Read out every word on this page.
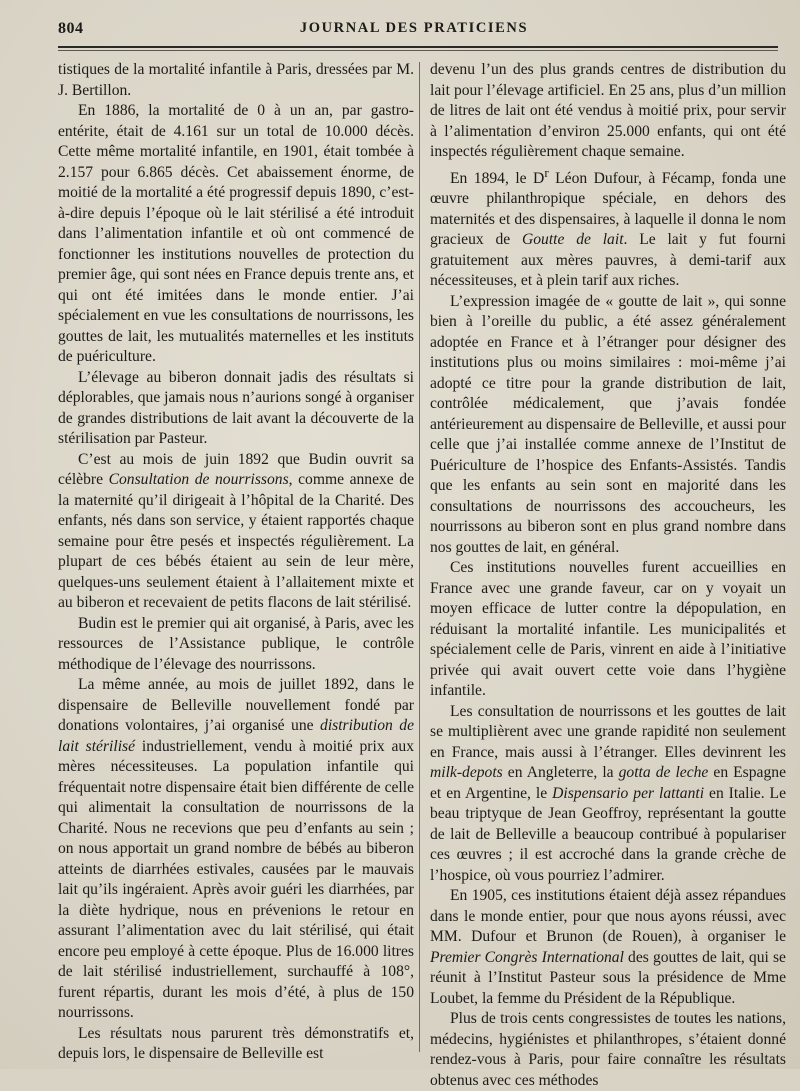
804	JOURNAL DES PRATICIENS

tistiques de la mortalité infantile à Paris, dressées par M. J. Bertillon.

En 1886, la mortalité de 0 à un an, par gastro-entérite, était de 4.161 sur un total de 10.000 décès. Cette même mortalité infantile, en 1901, était tombée à 2.157 pour 6.865 décès. Cet abaissement énorme, de moitié de la mortalité a été progressif depuis 1890, c’est-à-dire depuis l’époque où le lait stérilisé a été introduit dans l’alimentation infantile et où ont commencé de fonctionner les institutions nouvelles de protection du premier âge, qui sont nées en France depuis trente ans, et qui ont été imitées dans le monde entier. J’ai spécialement en vue les consultations de nourrissons, les gouttes de lait, les mutualités maternelles et les instituts de puériculture.

L’élevage au biberon donnait jadis des résultats si déplorables, que jamais nous n’aurions songé à organiser de grandes distributions de lait avant la découverte de la stérilisation par Pasteur.

C’est au mois de juin 1892 que Budin ouvrit sa célèbre Consultation de nourrissons, comme annexe de la maternité qu’il dirigeait à l’hôpital de la Charité. Des enfants, nés dans son service, y étaient rapportés chaque semaine pour être pesés et inspectés régulièrement. La plupart de ces bébés étaient au sein de leur mère, quelques-uns seulement étaient à l’allaitement mixte et au biberon et recevaient de petits flacons de lait stérilisé.

Budin est le premier qui ait organisé, à Paris, avec les ressources de l’Assistance publique, le contrôle méthodique de l’élevage des nourrissons.

La même année, au mois de juillet 1892, dans le dispensaire de Belleville nouvellement fondé par donations volontaires, j’ai organisé une distribution de lait stérilisé industriellement, vendu à moitié prix aux mères nécessiteuses. La population infantile qui fréquentait notre dispensaire était bien différente de celle qui alimentait la consultation de nourrissons de la Charité. Nous ne recevions que peu d’enfants au sein ; on nous apportait un grand nombre de bébés au biberon atteints de diarrhées estivales, causées par le mauvais lait qu’ils ingéraient. Après avoir guéri les diarrhées, par la diète hydrique, nous en prévenions le retour en assurant l’alimentation avec du lait stérilisé, qui était encore peu employé à cette époque. Plus de 16.000 litres de lait stérilisé industriellement, surchauffé à 108°, furent répartis, durant les mois d’été, à plus de 150 nourrissons.

Les résultats nous parurent très démonstratifs et, depuis lors, le dispensaire de Belleville est

devenu l’un des plus grands centres de distribution du lait pour l’élevage artificiel. En 25 ans, plus d’un million de litres de lait ont été vendus à moitié prix, pour servir à l’alimentation d’environ 25.000 enfants, qui ont été inspectés régulièrement chaque semaine.

En 1894, le $D^r$ Léon Dufour, à Fécamp, fonda une œuvre philanthropique spéciale, en dehors des maternités et des dispensaires, à laquelle il donna le nom gracieux de Goutte de lait. Le lait y fut fourni gratuitement aux mères pauvres, à demi-tarif aux nécessiteuses, et à plein tarif aux riches.

L’expression imagée de « goutte de lait », qui sonne bien à l’oreille du public, a été assez généralement adoptée en France et à l’étranger pour désigner des institutions plus ou moins similaires : moi-même j’ai adopté ce titre pour la grande distribution de lait, contrôlée médicalement, que j’avais fondée antérieurement au dispensaire de Belleville, et aussi pour celle que j’ai installée comme annexe de l’Institut de Puériculture de l’hospice des Enfants-Assistés. Tandis que les enfants au sein sont en majorité dans les consultations de nourrissons des accoucheurs, les nourrissons au biberon sont en plus grand nombre dans nos gouttes de lait, en général.

Ces institutions nouvelles furent accueillies en France avec une grande faveur, car on y voyait un moyen efficace de lutter contre la dépopulation, en réduisant la mortalité infantile. Les municipalités et spécialement celle de Paris, vinrent en aide à l’initiative privée qui avait ouvert cette voie dans l’hygiène infantile.

Les consultation de nourrissons et les gouttes de lait se multiplièrent avec une grande rapidité non seulement en France, mais aussi à l’étranger. Elles devinrent les milk-depots en Angleterre, la gotta de leche en Espagne et en Argentine, le Dispensario per lattanti en Italie. Le beau triptyque de Jean Geoffroy, représentant la goutte de lait de Belleville a beaucoup contribué à populariser ces œuvres ; il est accroché dans la grande crèche de l’hospice, où vous pourriez l’admirer.

En 1905, ces institutions étaient déjà assez répandues dans le monde entier, pour que nous ayons réussi, avec MM. Dufour et Brunon (de Rouen), à organiser le Premier Congrès International des gouttes de lait, qui se réunit à l’Institut Pasteur sous la présidence de Mme Loubet, la femme du Président de la République.

Plus de trois cents congressistes de toutes les nations, médecins, hygiénistes et philanthropes, s’étaient donné rendez-vous à Paris, pour faire connaître les résultats obtenus avec ces méthodes
